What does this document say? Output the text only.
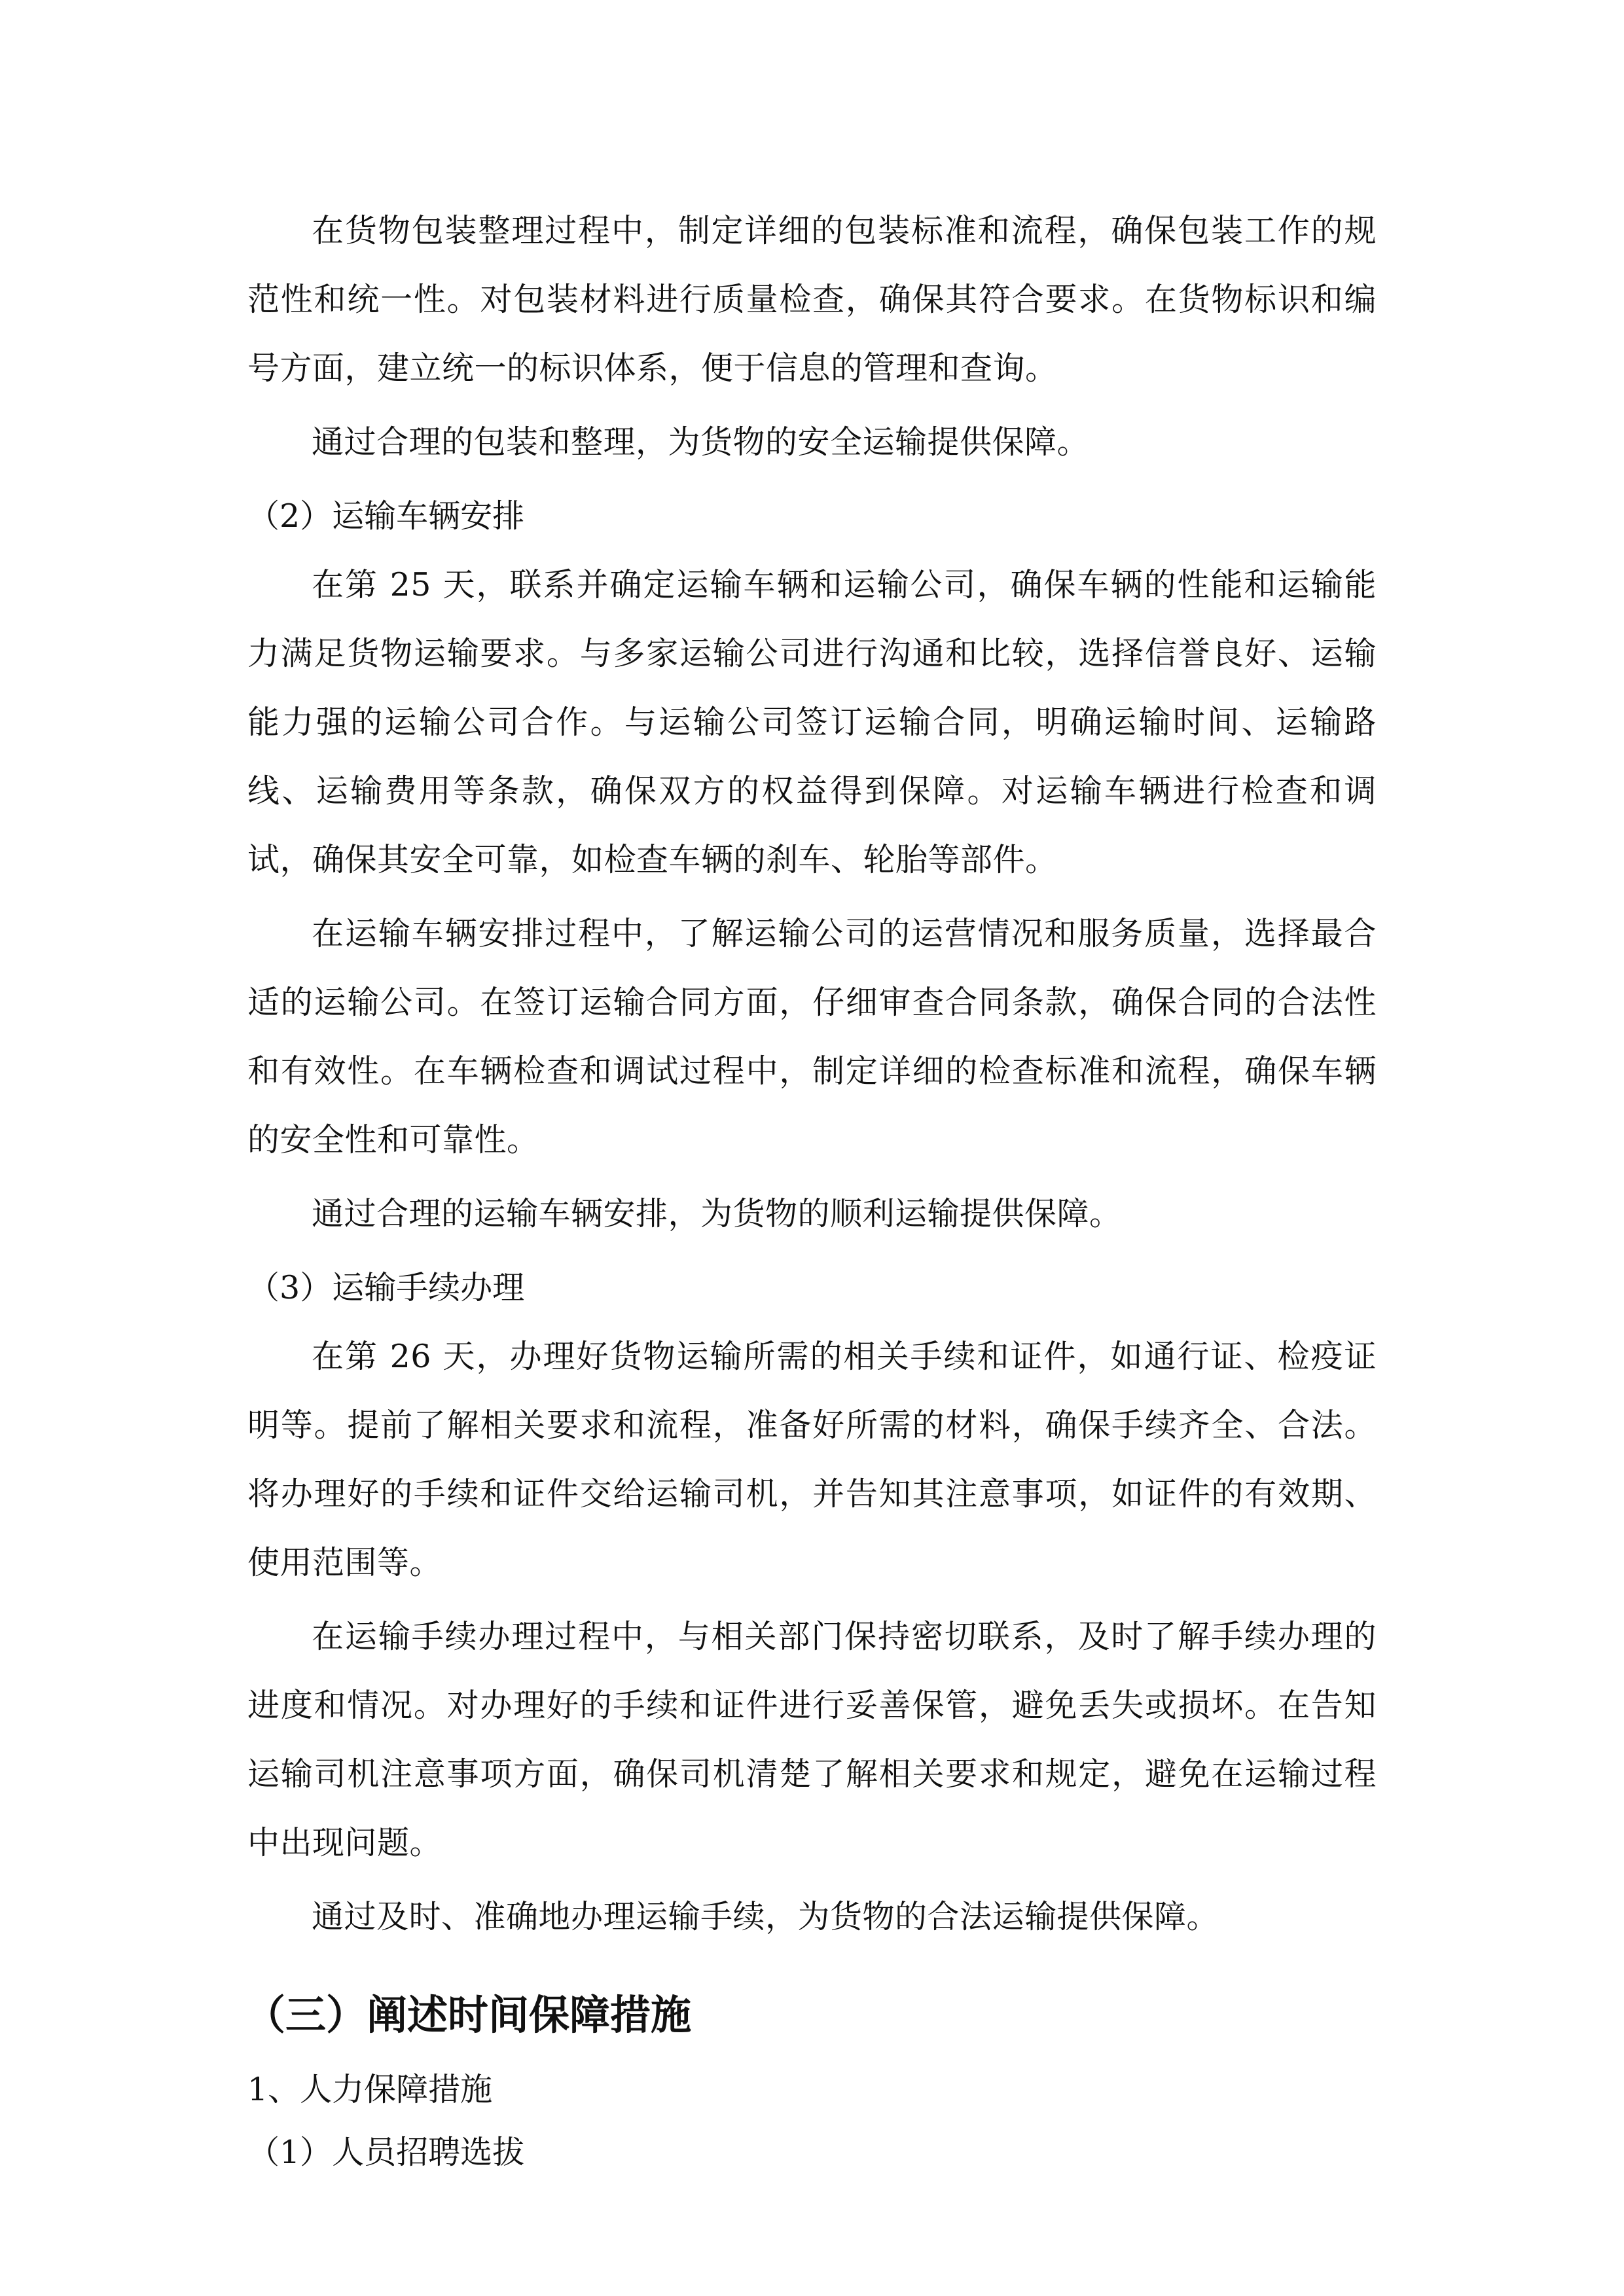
在货物包装整理过程中，制定详细的包装标准和流程，确保包装工作的规范性和统一性。对包装材料进行质量检查，确保其符合要求。在货物标识和编号方面，建立统一的标识体系，便于信息的管理和查询。

通过合理的包装和整理，为货物的安全运输提供保障。

（2）运输车辆安排

在第 25 天，联系并确定运输车辆和运输公司，确保车辆的性能和运输能力满足货物运输要求。与多家运输公司进行沟通和比较，选择信誉良好、运输能力强的运输公司合作。与运输公司签订运输合同，明确运输时间、运输路线、运输费用等条款，确保双方的权益得到保障。对运输车辆进行检查和调试，确保其安全可靠，如检查车辆的刹车、轮胎等部件。

在运输车辆安排过程中，了解运输公司的运营情况和服务质量，选择最合适的运输公司。在签订运输合同方面，仔细审查合同条款，确保合同的合法性和有效性。在车辆检查和调试过程中，制定详细的检查标准和流程，确保车辆的安全性和可靠性。

通过合理的运输车辆安排，为货物的顺利运输提供保障。

（3）运输手续办理

在第 26 天，办理好货物运输所需的相关手续和证件，如通行证、检疫证明等。提前了解相关要求和流程，准备好所需的材料，确保手续齐全、合法。将办理好的手续和证件交给运输司机，并告知其注意事项，如证件的有效期、使用范围等。

在运输手续办理过程中，与相关部门保持密切联系，及时了解手续办理的进度和情况。对办理好的手续和证件进行妥善保管，避免丢失或损坏。在告知运输司机注意事项方面，确保司机清楚了解相关要求和规定，避免在运输过程中出现问题。

通过及时、准确地办理运输手续，为货物的合法运输提供保障。

（三）阐述时间保障措施

1、人力保障措施

（1）人员招聘选拔
